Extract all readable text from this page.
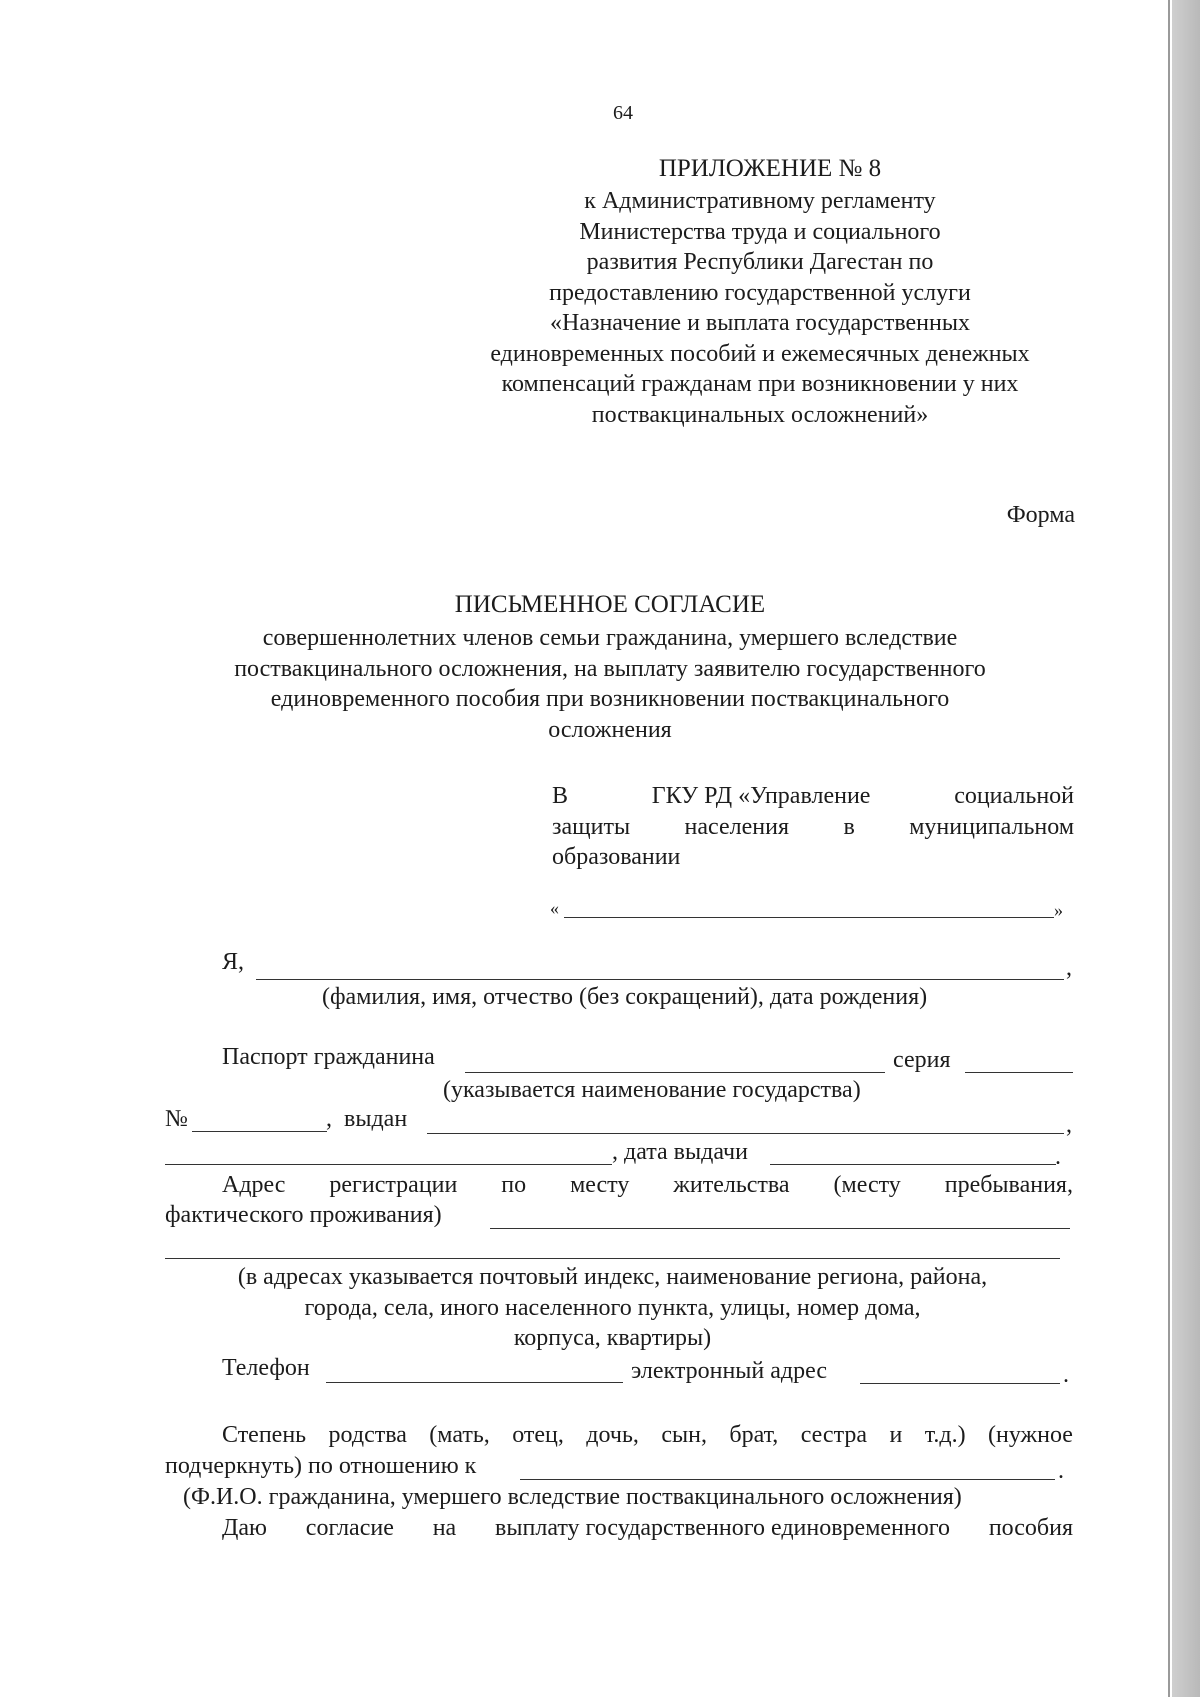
64
ПРИЛОЖЕНИЕ № 8
к Административному регламенту
Министерства труда и социального
развития Республики Дагестан по
предоставлению государственной услуги
«Назначение и выплата государственных
единовременных пособий и ежемесячных денежных
компенсаций гражданам при возникновении у них
поствакцинальных осложнений»
Форма
ПИСЬМЕННОЕ СОГЛАСИЕ
совершеннолетних членов семьи гражданина, умершего вследствие
поствакцинального осложнения, на выплату заявителю государственного
единовременного пособия при возникновении поствакцинального
осложнения
В	ГКУ РД «Управление	социальной
защиты населения в муниципальном
образовании
«	»
Я,	,
(фамилия, имя, отчество (без сокращений), дата рождения)
Паспорт гражданина	серия
(указывается наименование государства)
№	,  выдан	,
, дата выдачи	.
Адрес регистрации по месту жительства (месту пребывания,
фактического проживания)
(в адресах указывается почтовый индекс, наименование региона, района,
города, села, иного населенного пункта, улицы, номер дома,
корпуса, квартиры)
Телефон	электронный адрес	.
Степень родства (мать, отец, дочь, сын, брат, сестра и т.д.) (нужное
подчеркнуть) по отношению к	.
(Ф.И.О. гражданина, умершего вследствие поствакцинального осложнения)
Даю согласие на выплату государственного единовременного пособия
